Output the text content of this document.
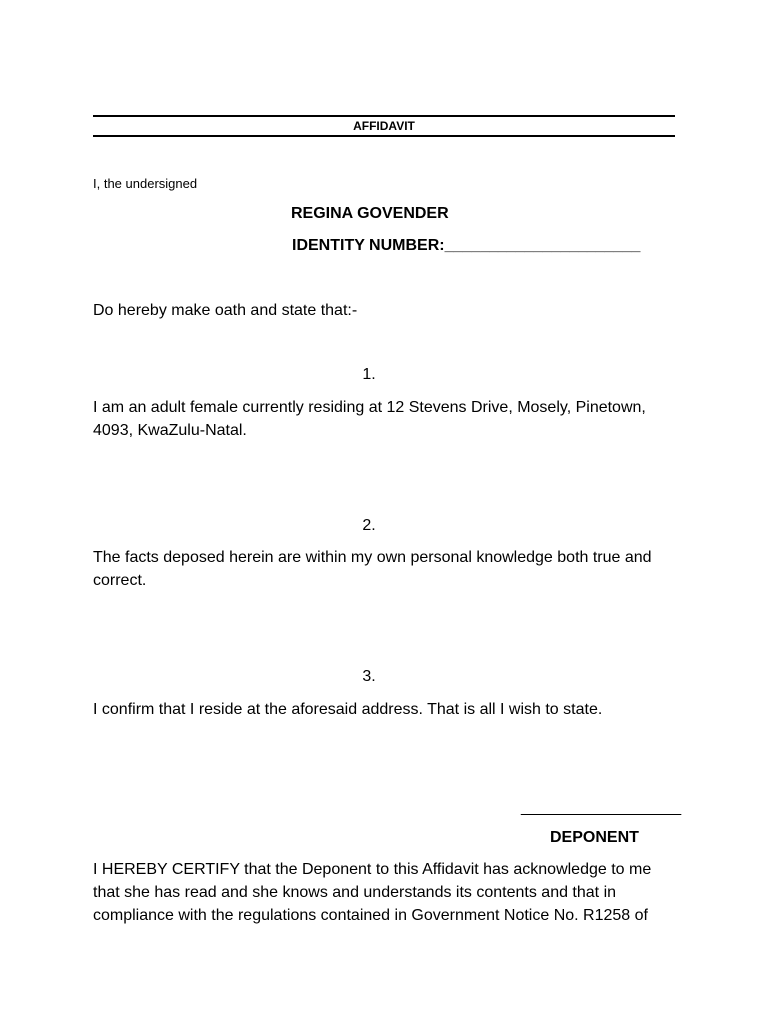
AFFIDAVIT
I, the undersigned
REGINA GOVENDER
IDENTITY NUMBER:______________________
Do hereby make oath and state that:-
1.
I am an adult female currently residing at 12 Stevens Drive, Mosely, Pinetown, 4093, KwaZulu-Natal.
2.
The facts deposed herein are within my own personal knowledge both true and correct.
3.
I confirm that I reside at the aforesaid address. That is all I wish to state.
__________________
DEPONENT
I HEREBY CERTIFY that the Deponent to this Affidavit has acknowledge to me that she has read and she knows and understands its contents and that in compliance with the regulations contained in Government Notice No. R1258 of
